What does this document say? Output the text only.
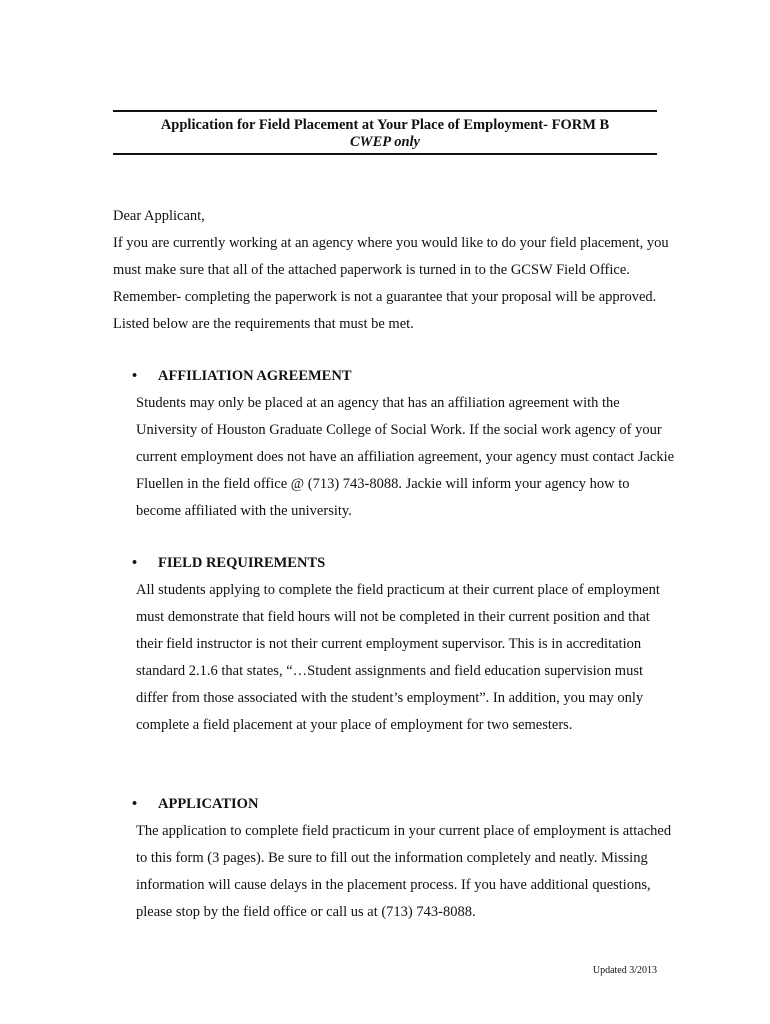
Application for Field Placement at Your Place of Employment- FORM B
CWEP only

Dear Applicant,

If you are currently working at an agency where you would like to do your field placement, you must make sure that all of the attached paperwork is turned in to the GCSW Field Office. Remember- completing the paperwork is not a guarantee that your proposal will be approved. Listed below are the requirements that must be met.

• AFFILIATION AGREEMENT

Students may only be placed at an agency that has an affiliation agreement with the University of Houston Graduate College of Social Work. If the social work agency of your current employment does not have an affiliation agreement, your agency must contact Jackie Fluellen in the field office @ (713) 743-8088. Jackie will inform your agency how to become affiliated with the university.

• FIELD REQUIREMENTS

All students applying to complete the field practicum at their current place of employment must demonstrate that field hours will not be completed in their current position and that their field instructor is not their current employment supervisor. This is in accreditation standard 2.1.6 that states, “…Student assignments and field education supervision must differ from those associated with the student’s employment”. In addition, you may only complete a field placement at your place of employment for two semesters.

• APPLICATION

The application to complete field practicum in your current place of employment is attached to this form (3 pages). Be sure to fill out the information completely and neatly. Missing information will cause delays in the placement process. If you have additional questions, please stop by the field office or call us at (713) 743-8088.

Updated 3/2013
